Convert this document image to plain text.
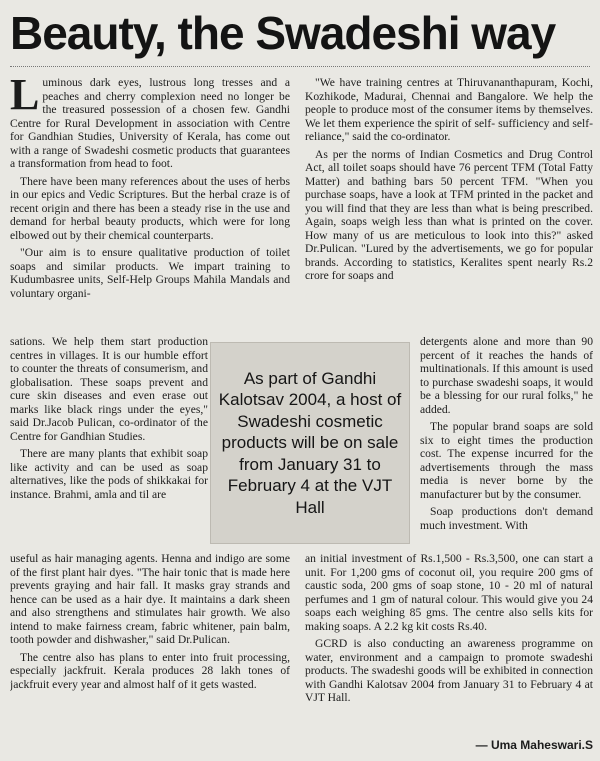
Beauty, the Swadeshi way

Luminous dark eyes, lustrous long tresses and a peaches and cherry complexion need no longer be the treasured possession of a chosen few. Gandhi Centre for Rural Development in association with Centre for Gandhian Studies, University of Kerala, has come out with a range of Swadeshi cosmetic products that guarantees a transformation from head to foot.

There have been many references about the uses of herbs in our epics and Vedic Scriptures. But the herbal craze is of recent origin and there has been a steady rise in the use and demand for herbal beauty products, which were for long elbowed out by their chemical counterparts.

"Our aim is to ensure qualitative production of toilet soaps and similar products. We impart training to Kudumbasree units, Self-Help Groups Mahila Mandals and voluntary organi-

"We have training centres at Thiruvananthapuram, Kochi, Kozhikode, Madurai, Chennai and Bangalore. We help the people to produce most of the consumer items by themselves. We let them experience the spirit of self- sufficiency and self-reliance," said the co-ordinator.

As per the norms of Indian Cosmetics and Drug Control Act, all toilet soaps should have 76 percent TFM (Total Fatty Matter) and bathing bars 50 percent TFM. "When you purchase soaps, have a look at TFM printed in the packet and you will find that they are less than what is being prescribed. Again, soaps weigh less than what is printed on the cover. How many of us are meticulous to look into this?" asked Dr.Pulican. "Lured by the advertisements, we go for popular brands. According to statistics, Keralites spent nearly Rs.2 crore for soaps and

sations. We help them start production centres in villages. It is our humble effort to counter the threats of consumerism, and globalisation. These soaps prevent and cure skin diseases and even erase out marks like black rings under the eyes," said Dr.Jacob Pulican, co-ordinator of the Centre for Gandhian Studies.

There are many plants that exhibit soap like activity and can be used as soap alternatives, like the pods of shikkakai for instance. Brahmi, amla and til are

As part of Gandhi Kalotsav 2004, a host of Swadeshi cosmetic products will be on sale from January 31 to February 4 at the VJT Hall

detergents alone and more than 90 percent of it reaches the hands of multinationals. If this amount is used to purchase swadeshi soaps, it would be a blessing for our rural folks," he added.

The popular brand soaps are sold six to eight times the production cost. The expense incurred for the advertisements through the mass media is never borne by the manufacturer but by the consumer.

Soap productions don't demand much investment. With

useful as hair managing agents. Henna and indigo are some of the first plant hair dyes. "The hair tonic that is made here prevents graying and hair fall. It masks gray strands and hence can be used as a hair dye. It maintains a dark sheen and also strengthens and stimulates hair growth. We also intend to make fairness cream, fabric whitener, pain balm, tooth powder and dishwasher," said Dr.Pulican.

The centre also has plans to enter into fruit processing, especially jackfruit. Kerala produces 28 lakh tones of jackfruit every year and almost half of it gets wasted.

an initial investment of Rs.1,500 - Rs.3,500, one can start a unit. For 1,200 gms of coconut oil, you require 200 gms of caustic soda, 200 gms of soap stone, 10 - 20 ml of natural perfumes and 1 gm of natural colour. This would give you 24 soaps each weighing 85 gms. The centre also sells kits for making soaps. A 2.2 kg kit costs Rs.40.

GCRD is also conducting an awareness programme on water, environment and a campaign to promote swadeshi products. The swadeshi goods will be exhibited in connection with Gandhi Kalotsav 2004 from January 31 to February 4 at VJT Hall.

— Uma Maheswari.S
